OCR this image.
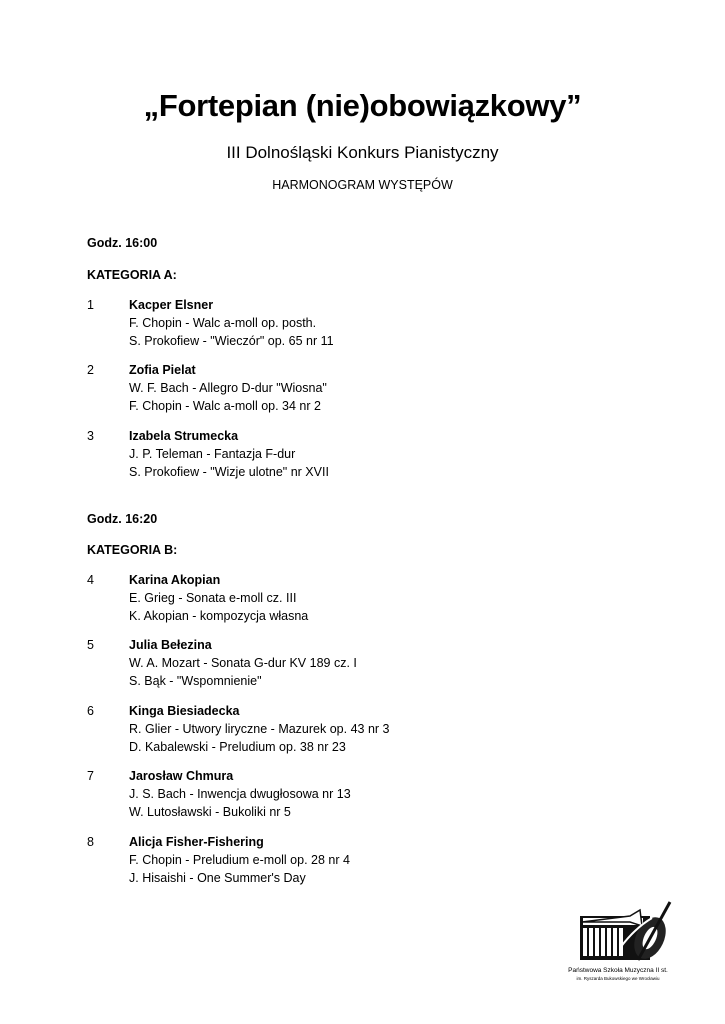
„Fortepian (nie)obowiązkowy”
III Dolnośląski Konkurs Pianistyczny
HARMONOGRAM WYSTĘPÓW
Godz. 16:00
KATEGORIA A:
1	Kacper Elsner
F. Chopin - Walc a-moll op. posth.
S. Prokofiew - "Wieczór" op. 65 nr 11
2	Zofia Pielat
W. F. Bach - Allegro D-dur "Wiosna"
F. Chopin - Walc a-moll op. 34 nr 2
3	Izabela Strumecka
J. P. Teleman - Fantazja F-dur
S. Prokofiew - "Wizje ulotne" nr XVII
Godz. 16:20
KATEGORIA B:
4	Karina Akopian
E. Grieg - Sonata e-moll cz. III
K. Akopian - kompozycja własna
5	Julia Bełezina
W. A. Mozart - Sonata G-dur KV 189 cz. I
S. Bąk - "Wspomnienie"
6	Kinga Biesiadecka
R. Glier - Utwory liryczne - Mazurek op. 43 nr 3
D. Kabalewski - Preludium op. 38 nr 23
7	Jarosław Chmura
J. S. Bach - Inwencja dwugłosowa nr 13
W. Lutosławski - Bukoliki nr 5
8	Alicja Fisher-Fishering
F. Chopin - Preludium e-moll op. 28 nr 4
J. Hisaishi - One Summer's Day
Państwowa Szkoła Muzyczna II st.
im. Ryszarda Bukowskiego we Wrocławiu
